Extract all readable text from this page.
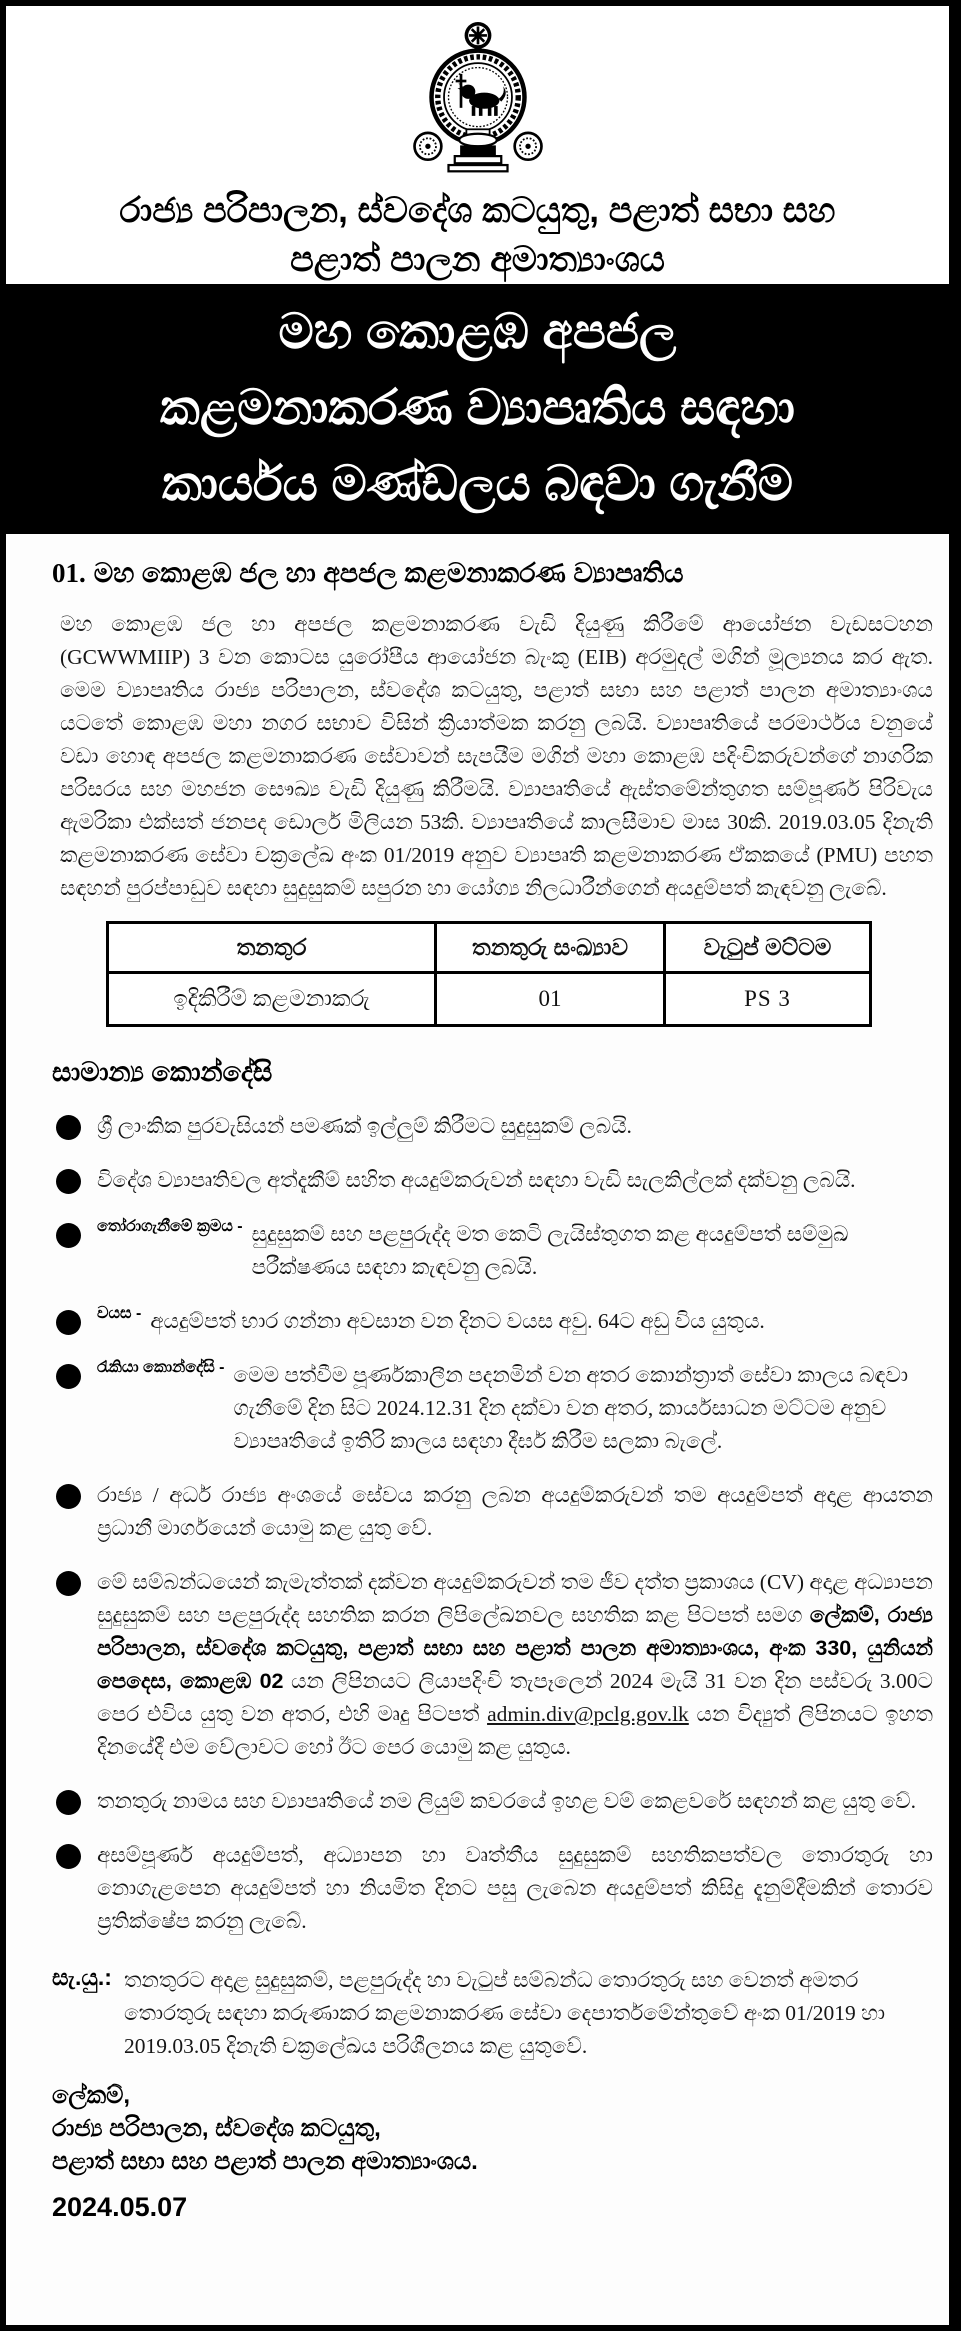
රාජ්‍ය පරිපාලන, ස්වදේශ කටයුතු, පළාත් සභා සහ
පළාත් පාලන අමාත්‍යාංශය
මහ කොළඹ අපජල
කළමනාකරණ ව්‍යාපෘතිය සඳහා
කාර්යය මණ්ඩලය බඳවා ගැනීම
01. මහ කොළඹ ජල හා අපජල කළමනාකරණ ව්‍යාපෘතිය
මහ කොළඹ ජල හා අපජල කළමනාකරණ වැඩි දියුණු කිරීමේ ආයෝජන වැඩසටහන (GCWWMIIP) 3 වන කොටස යුරෝපීය ආයෝජන බැංකු (EIB) අරමුදල් මගින් මූල්‍යනය කර ඇත. මෙම ව්‍යාපෘතිය රාජ්‍ය පරිපාලන, ස්වදේශ කටයුතු, පළාත් සභා සහ පළාත් පාලන අමාත්‍යාංශය යටතේ කොළඹ මහා නගර සභාව විසින් ක්‍රියාත්මක කරනු ලබයි. ව්‍යාපෘතියේ පරමාර්ථය වනුයේ වඩා හොඳ අපජල කළමනාකරණ සේවාවන් සැපයීම මගින් මහා කොළඹ පදිංචිකරුවන්ගේ නාගරික පරිසරය සහ මහජන සෞඛ්‍ය වැඩි දියුණු කිරීමයි. ව්‍යාපෘතියේ ඇස්තමේන්තුගත සම්පූර්ණ පිරිවැය ඇමරිකා එක්සත් ජනපද ඩොලර් මිලියන 53කි. ව්‍යාපෘතියේ කාලසීමාව මාස 30කි. 2019.03.05 දිනැති කළමනාකරණ සේවා චක්‍රලේඛ අංක 01/2019 අනුව ව්‍යාපෘති කළමනාකරණ ඒකකයේ (PMU) පහත සඳහන් පුරප්පාඩුව සඳහා සුදුසුකම් සපුරන හා යෝග්‍ය නිලධාරීන්ගෙන් අයදුම්පත් කැඳවනු ලැබේ.
තනතුර	තනතුරු සංඛ්‍යාව	වැටුප් මට්ටම
ඉදිකිරීම් කළමනාකරු	01	PS 3
සාමාන්‍ය කොන්දේසි
ශ්‍රී ලාංකික පුරවැසියන් පමණක් ඉල්ලුම් කිරීමට සුදුසුකම් ලබයි.
විදේශ ව්‍යාපෘතිවල අත්දැකීම් සහිත අයදුම්කරුවන් සඳහා වැඩි සැලකිල්ලක් දක්වනු ලබයි.
තෝරාගැනීමේ ක්‍රමය - සුදුසුකම් සහ පළපුරුද්ද මත කෙටි ලැයිස්තුගත කළ අයදුම්පත් සම්මුඛ පරීක්ෂණය සඳහා කැඳවනු ලබයි.
වයස - අයදුම්පත් භාර ගන්නා අවසාන වන දිනට වයස අවු. 64ට අඩු විය යුතුය.
රැකියා කොන්දේසි - මෙම පත්වීම පූර්ණකාලීන පදනමින් වන අතර කොන්ත්‍රාත් සේවා කාලය බඳවා ගැනීමේ දින සිට 2024.12.31 දින දක්වා වන අතර, කාර්යසාධන මට්ටම අනුව ව්‍යාපෘතියේ ඉතිරි කාලය සඳහා දීර්ඝ කිරීම සලකා බැලේ.
රාජ්‍ය / අර්ධ රාජ්‍ය අංශයේ සේවය කරනු ලබන අයදුම්කරුවන් තම අයදුම්පත් අදාළ ආයතන ප්‍රධානී මාර්ගයෙන් යොමු කළ යුතු වේ.
මේ සම්බන්ධයෙන් කැමැත්තක් දක්වන අයදුම්කරුවන් තම ජීව දත්ත ප්‍රකාශය (CV) අදාළ අධ්‍යාපන සුදුසුකම් සහ පළපුරුද්ද සහතික කරන ලිපිලේඛනවල සහතික කළ පිටපත් සමග ලේකම්, රාජ්‍ය පරිපාලන, ස්වදේශ කටයුතු, පළාත් සභා සහ පළාත් පාලන අමාත්‍යාංශය, අංක 330, යුනියන් පෙදෙස, කොළඹ 02 යන ලිපිනයට ලියාපදිංචි තැපෑලෙන් 2024 මැයි 31 වන දින පස්වරු 3.00ට පෙර එවිය යුතු වන අතර, එහි මෘදු පිටපත් admin.div@pclg.gov.lk යන විද්‍යුත් ලිපිනයට ඉහත දිනයේදී එම වේලාවට හෝ ඊට පෙර යොමු කළ යුතුය.
තනතුරු නාමය සහ ව්‍යාපෘතියේ නම ලියුම් කවරයේ ඉහළ වම් කෙළවරේ සඳහන් කළ යුතු වේ.
අසම්පූර්ණ අයදුම්පත්, අධ්‍යාපන හා වෘත්තීය සුදුසුකම් සහතිකපත්වල තොරතුරු හා නොගැළපෙන අයදුම්පත් හා නියමිත දිනට පසු ලැබෙන අයදුම්පත් කිසිදු දැනුම්දීමකින් තොරව ප්‍රතික්ෂේප කරනු ලැබේ.
සැ.යු.: තනතුරට අදාළ සුදුසුකම්, පළපුරුද්ද හා වැටුප් සම්බන්ධ තොරතුරු සහ වෙනත් අමතර තොරතුරු සඳහා කරුණාකර කළමනාකරණ සේවා දෙපාර්තමේන්තුවේ අංක 01/2019 හා 2019.03.05 දිනැති චක්‍රලේඛය පරිශීලනය කළ යුතුවේ.
ලේකම්,
රාජ්‍ය පරිපාලන, ස්වදේශ කටයුතු,
පළාත් සභා සහ පළාත් පාලන අමාත්‍යාංශය.
2024.05.07
